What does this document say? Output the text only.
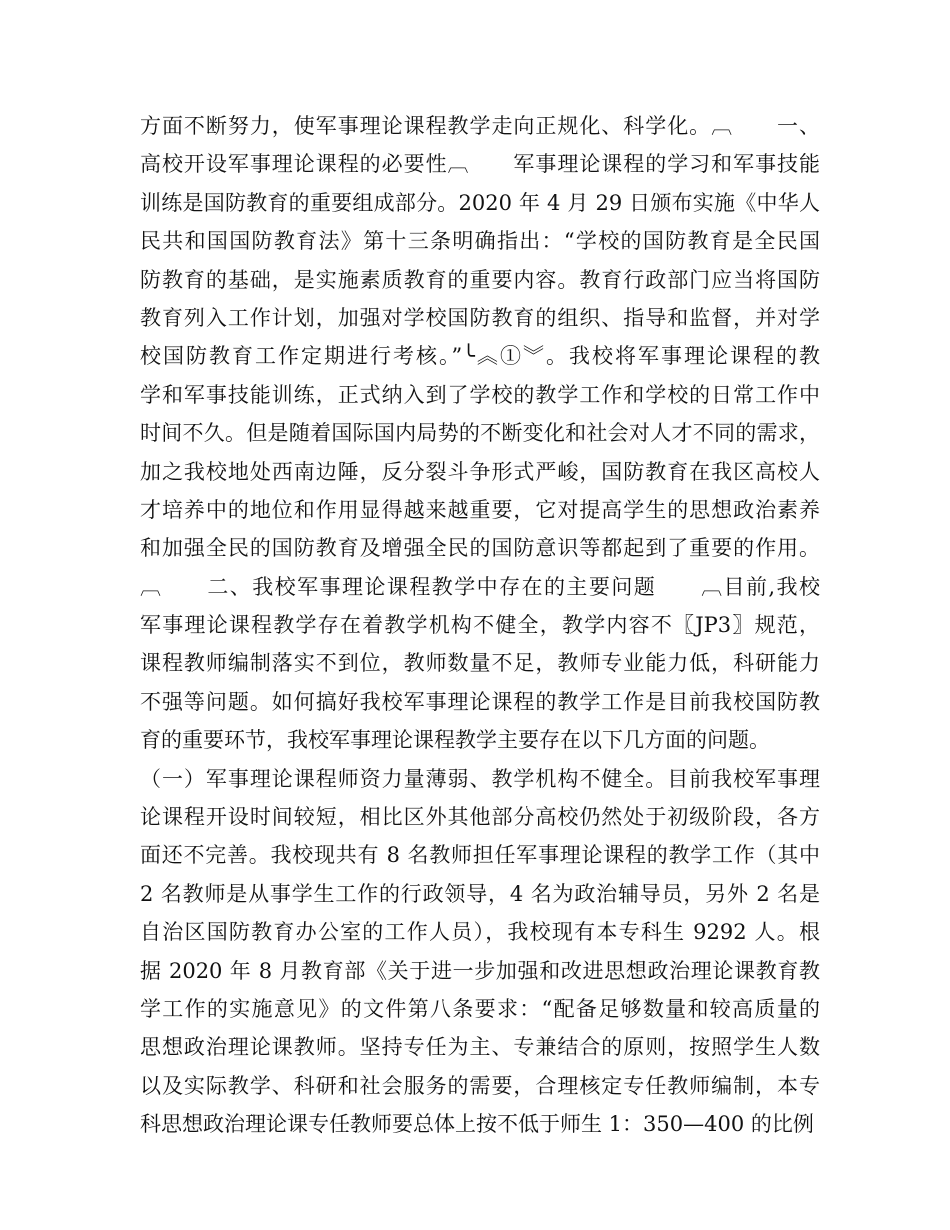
方面不断努力，使军事理论课程教学走向正规化、科学化。︹　　一、
高校开设军事理论课程的必要性︹　　军事理论课程的学习和军事技能
训练是国防教育的重要组成部分。2020 年 4 月 29 日颁布实施《中华人
民共和国国防教育法》第十三条明确指出：“学校的国防教育是全民国
防教育的基础，是实施素质教育的重要内容。教育行政部门应当将国防
教育列入工作计划，加强对学校国防教育的组织、指导和监督，并对学
校国防教育工作定期进行考核。”╰︽①︾。我校将军事理论课程的教
学和军事技能训练，正式纳入到了学校的教学工作和学校的日常工作中
时间不久。但是随着国际国内局势的不断变化和社会对人才不同的需求，
加之我校地处西南边陲，反分裂斗争形式严峻，国防教育在我区高校人
才培养中的地位和作用显得越来越重要，它对提高学生的思想政治素养
和加强全民的国防教育及增强全民的国防意识等都起到了重要的作用。
︹　　二、我校军事理论课程教学中存在的主要问题　　︹目前,我校
军事理论课程教学存在着教学机构不健全，教学内容不〖JP3〗规范，
课程教师编制落实不到位，教师数量不足，教师专业能力低，科研能力
不强等问题。如何搞好我校军事理论课程的教学工作是目前我校国防教
育的重要环节，我校军事理论课程教学主要存在以下几方面的问题。
（一）军事理论课程师资力量薄弱、教学机构不健全。目前我校军事理
论课程开设时间较短，相比区外其他部分高校仍然处于初级阶段，各方
面还不完善。我校现共有 8 名教师担任军事理论课程的教学工作（其中
2 名教师是从事学生工作的行政领导，4 名为政治辅导员，另外 2 名是
自治区国防教育办公室的工作人员），我校现有本专科生 9292 人。根
据 2020 年 8 月教育部《关于进一步加强和改进思想政治理论课教育教
学工作的实施意见》的文件第八条要求：“配备足够数量和较高质量的
思想政治理论课教师。坚持专任为主、专兼结合的原则，按照学生人数
以及实际教学、科研和社会服务的需要，合理核定专任教师编制，本专
科思想政治理论课专任教师要总体上按不低于师生 1：350—400 的比例
